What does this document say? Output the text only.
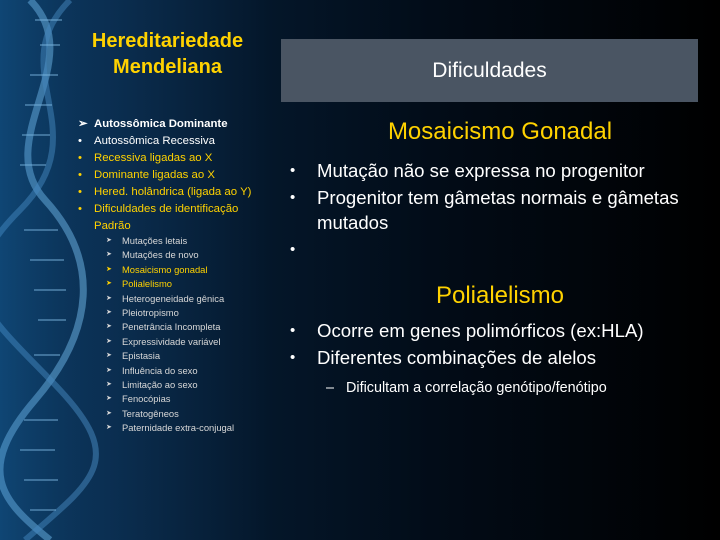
Hereditariedade Mendeliana
➢ Autossômica Dominante
•	Autossômica Recessiva
•	Recessiva ligadas ao X
•	Dominante ligadas ao X
•	Hered. holândrica (ligada ao Y)
•	Dificuldades de identificação Padrão
➤ Mutações letais
➤ Mutações de novo
➤ Mosaicismo gonadal
➤ Polialelismo
➤ Heterogeneidade gênica
➤ Pleiotropismo
➤ Penetrância Incompleta
➤ Expressividade variável
➤ Epistasia
➤ Influência do sexo
➤ Limitação ao sexo
➤ Fenocópias
➤ Teratogêneos
➤ Paternidade extra-conjugal
Dificuldades
Mosaicismo Gonadal
• Mutação não se expressa no progenitor
• Progenitor tem gâmetas normais e gâmetas mutados
•
Polialelismo
• Ocorre em genes polimórficos (ex:HLA)
• Diferentes combinações de alelos
– Dificultam a correlação genótipo/fenótipo
